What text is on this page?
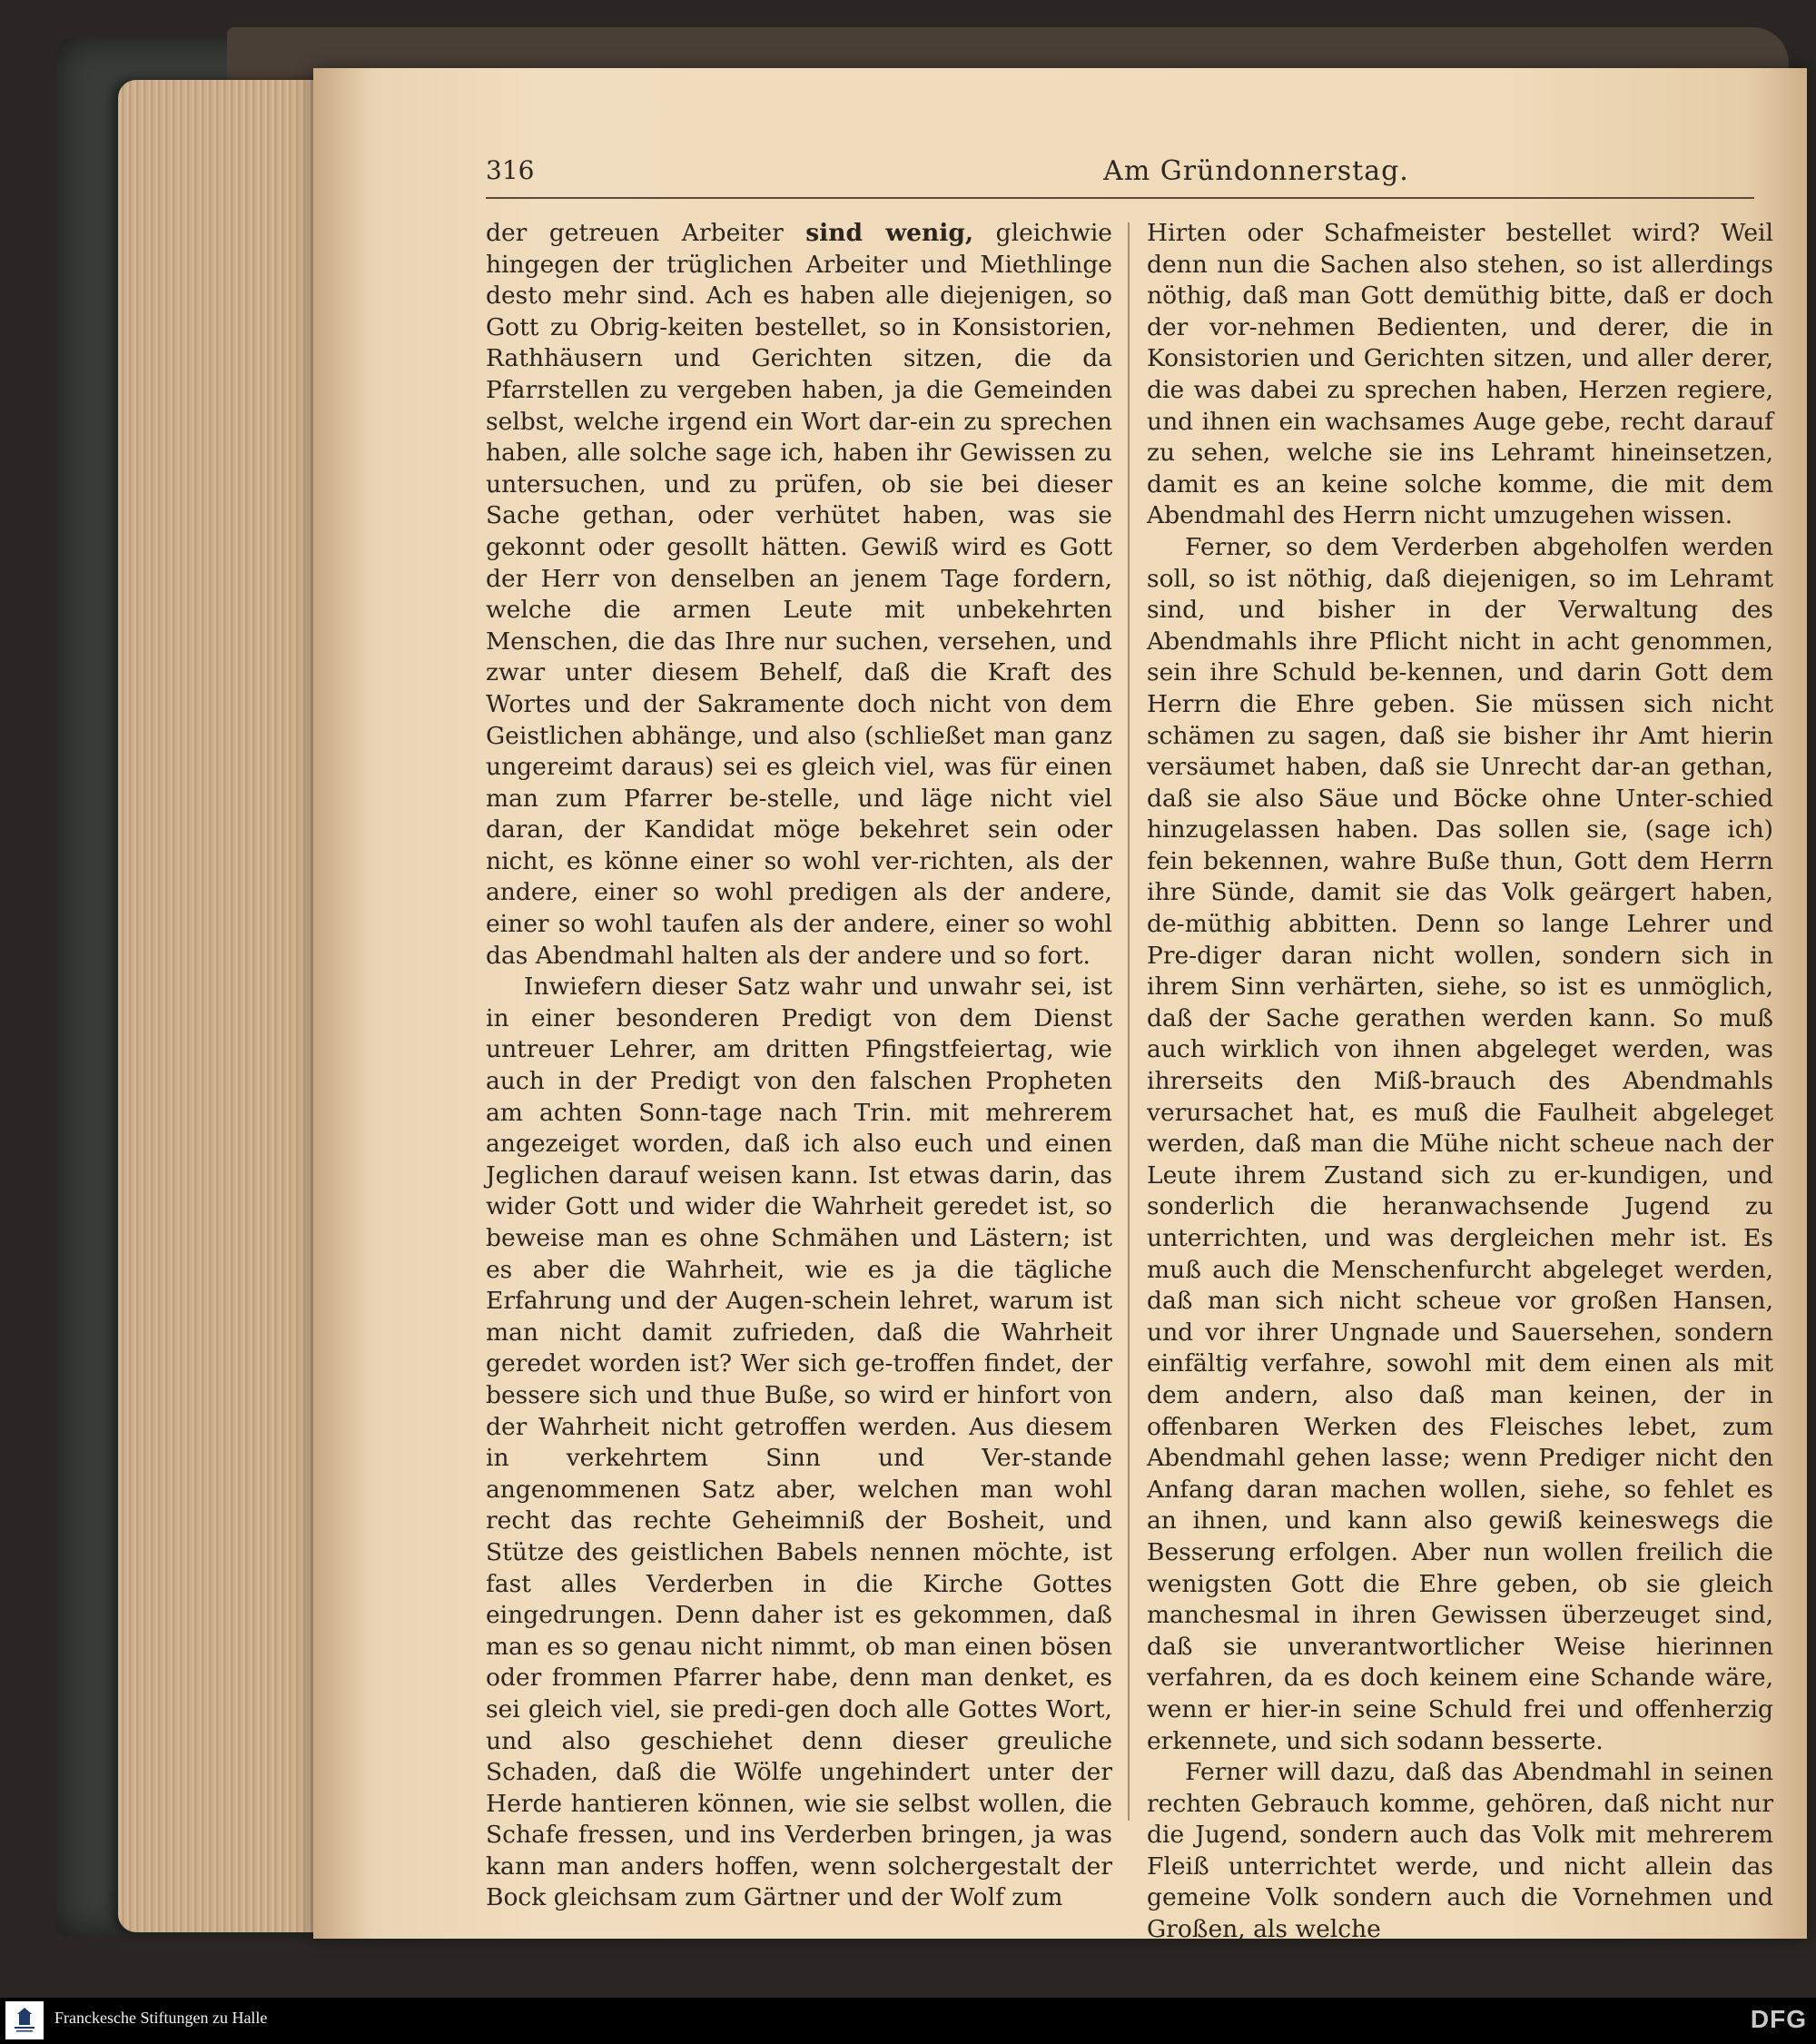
316	Am Gründonnerstag.

der getreuen Arbeiter sind wenig, gleichwie hingegen der trüglichen Arbeiter und Miethlinge desto mehr sind. Ach es haben alle diejenigen, so Gott zu Obrig‑keiten bestellet, so in Konsistorien, Rathhäusern und Gerichten sitzen, die da Pfarrstellen zu vergeben haben, ja die Gemeinden selbst, welche irgend ein Wort dar‑ein zu sprechen haben, alle solche sage ich, haben ihr Gewissen zu untersuchen, und zu prüfen, ob sie bei dieser Sache gethan, oder verhütet haben, was sie gekonnt oder gesollt hätten. Gewiß wird es Gott der Herr von denselben an jenem Tage fordern, welche die armen Leute mit unbekehrten Menschen, die das Ihre nur suchen, versehen, und zwar unter diesem Behelf, daß die Kraft des Wortes und der Sakramente doch nicht von dem Geistlichen abhänge, und also (schließet man ganz ungereimt daraus) sei es gleich viel, was für einen man zum Pfarrer be‑stelle, und läge nicht viel daran, der Kandidat möge bekehret sein oder nicht, es könne einer so wohl ver‑richten, als der andere, einer so wohl predigen als der andere, einer so wohl taufen als der andere, einer so wohl das Abendmahl halten als der andere und so fort.

Inwiefern dieser Satz wahr und unwahr sei, ist in einer besonderen Predigt von dem Dienst untreuer Lehrer, am dritten Pfingstfeiertag, wie auch in der Predigt von den falschen Propheten am achten Sonn‑tage nach Trin. mit mehrerem angezeiget worden, daß ich also euch und einen Jeglichen darauf weisen kann. Ist etwas darin, das wider Gott und wider die Wahrheit geredet ist, so beweise man es ohne Schmähen und Lästern; ist es aber die Wahrheit, wie es ja die tägliche Erfahrung und der Augen‑schein lehret, warum ist man nicht damit zufrieden, daß die Wahrheit geredet worden ist? Wer sich ge‑troffen findet, der bessere sich und thue Buße, so wird er hinfort von der Wahrheit nicht getroffen werden. Aus diesem in verkehrtem Sinn und Ver‑stande angenommenen Satz aber, welchen man wohl recht das rechte Geheimniß der Bosheit, und Stütze des geistlichen Babels nennen möchte, ist fast alles Verderben in die Kirche Gottes eingedrungen. Denn daher ist es gekommen, daß man es so genau nicht nimmt, ob man einen bösen oder frommen Pfarrer habe, denn man denket, es sei gleich viel, sie predi‑gen doch alle Gottes Wort, und also geschiehet denn dieser greuliche Schaden, daß die Wölfe ungehindert unter der Herde hantieren können, wie sie selbst wollen, die Schafe fressen, und ins Verderben bringen, ja was kann man anders hoffen, wenn solchergestalt der Bock gleichsam zum Gärtner und der Wolf zum

Hirten oder Schafmeister bestellet wird? Weil denn nun die Sachen also stehen, so ist allerdings nöthig, daß man Gott demüthig bitte, daß er doch der vor‑nehmen Bedienten, und derer, die in Konsistorien und Gerichten sitzen, und aller derer, die was dabei zu sprechen haben, Herzen regiere, und ihnen ein wachsames Auge gebe, recht darauf zu sehen, welche sie ins Lehramt hineinsetzen, damit es an keine solche komme, die mit dem Abendmahl des Herrn nicht umzugehen wissen.

Ferner, so dem Verderben abgeholfen werden soll, so ist nöthig, daß diejenigen, so im Lehramt sind, und bisher in der Verwaltung des Abendmahls ihre Pflicht nicht in acht genommen, sein ihre Schuld be‑kennen, und darin Gott dem Herrn die Ehre geben. Sie müssen sich nicht schämen zu sagen, daß sie bisher ihr Amt hierin versäumet haben, daß sie Unrecht dar‑an gethan, daß sie also Säue und Böcke ohne Unter‑schied hinzugelassen haben. Das sollen sie, (sage ich) fein bekennen, wahre Buße thun, Gott dem Herrn ihre Sünde, damit sie das Volk geärgert haben, de‑müthig abbitten. Denn so lange Lehrer und Pre‑diger daran nicht wollen, sondern sich in ihrem Sinn verhärten, siehe, so ist es unmöglich, daß der Sache gerathen werden kann. So muß auch wirklich von ihnen abgeleget werden, was ihrerseits den Miß‑brauch des Abendmahls verursachet hat, es muß die Faulheit abgeleget werden, daß man die Mühe nicht scheue nach der Leute ihrem Zustand sich zu er‑kundigen, und sonderlich die heranwachsende Jugend zu unterrichten, und was dergleichen mehr ist. Es muß auch die Menschenfurcht abgeleget werden, daß man sich nicht scheue vor großen Hansen, und vor ihrer Ungnade und Sauersehen, sondern einfältig verfahre, sowohl mit dem einen als mit dem andern, also daß man keinen, der in offenbaren Werken des Fleisches lebet, zum Abendmahl gehen lasse; wenn Prediger nicht den Anfang daran machen wollen, siehe, so fehlet es an ihnen, und kann also gewiß keineswegs die Besserung erfolgen. Aber nun wollen freilich die wenigsten Gott die Ehre geben, ob sie gleich manchesmal in ihren Gewissen überzeuget sind, daß sie unverantwortlicher Weise hierinnen verfahren, da es doch keinem eine Schande wäre, wenn er hier‑in seine Schuld frei und offenherzig erkennete, und sich sodann besserte.

Ferner will dazu, daß das Abendmahl in seinen rechten Gebrauch komme, gehören, daß nicht nur die Jugend, sondern auch das Volk mit mehrerem Fleiß unterrichtet werde, und nicht allein das gemeine Volk sondern auch die Vornehmen und Großen, als welche

Franckesche Stiftungen zu Halle	DFG
